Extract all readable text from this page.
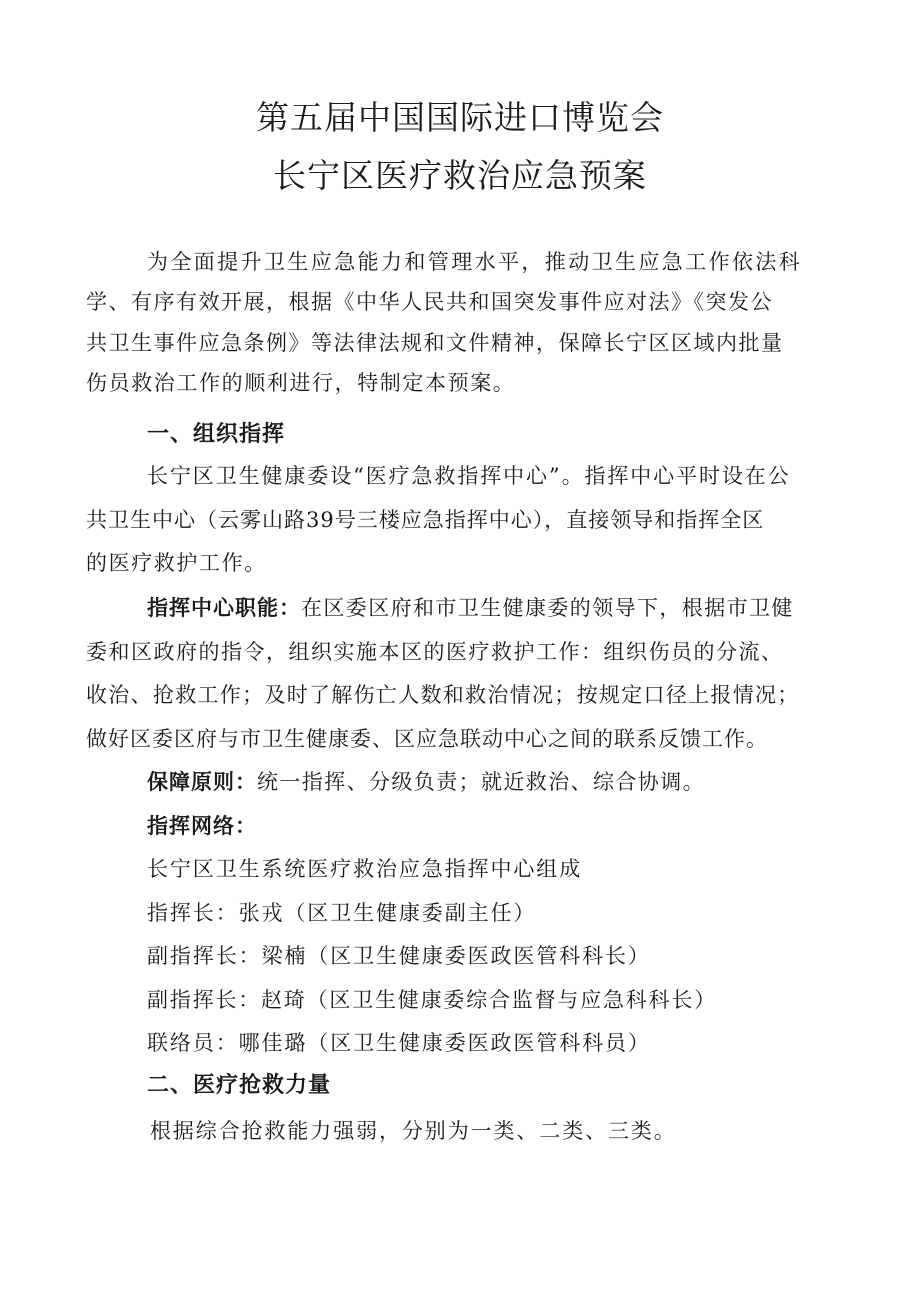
第五届中国国际进口博览会
长宁区医疗救治应急预案

为全面提升卫生应急能力和管理水平，推动卫生应急工作依法科

学、有序有效开展，根据《中华人民共和国突发事件应对法》《突发公

共卫生事件应急条例》等法律法规和文件精神，保障长宁区区域内批量

伤员救治工作的顺利进行，特制定本预案。

一、组织指挥

长宁区卫生健康委设“医疗急救指挥中心”。指挥中心平时设在公

共卫生中心（云雾山路39号三楼应急指挥中心），直接领导和指挥全区

的医疗救护工作。

指挥中心职能：在区委区府和市卫生健康委的领导下，根据市卫健

委和区政府的指令，组织实施本区的医疗救护工作：组织伤员的分流、

收治、抢救工作；及时了解伤亡人数和救治情况；按规定口径上报情况；

做好区委区府与市卫生健康委、区应急联动中心之间的联系反馈工作。

保障原则：统一指挥、分级负责；就近救治、综合协调。

指挥网络：

长宁区卫生系统医疗救治应急指挥中心组成

指挥长：张戎（区卫生健康委副主任）

副指挥长：梁楠（区卫生健康委医政医管科科长）

副指挥长：赵琦（区卫生健康委综合监督与应急科科长）

联络员：哪佳璐（区卫生健康委医政医管科科员）

二、医疗抢救力量

根据综合抢救能力强弱，分别为一类、二类、三类。
